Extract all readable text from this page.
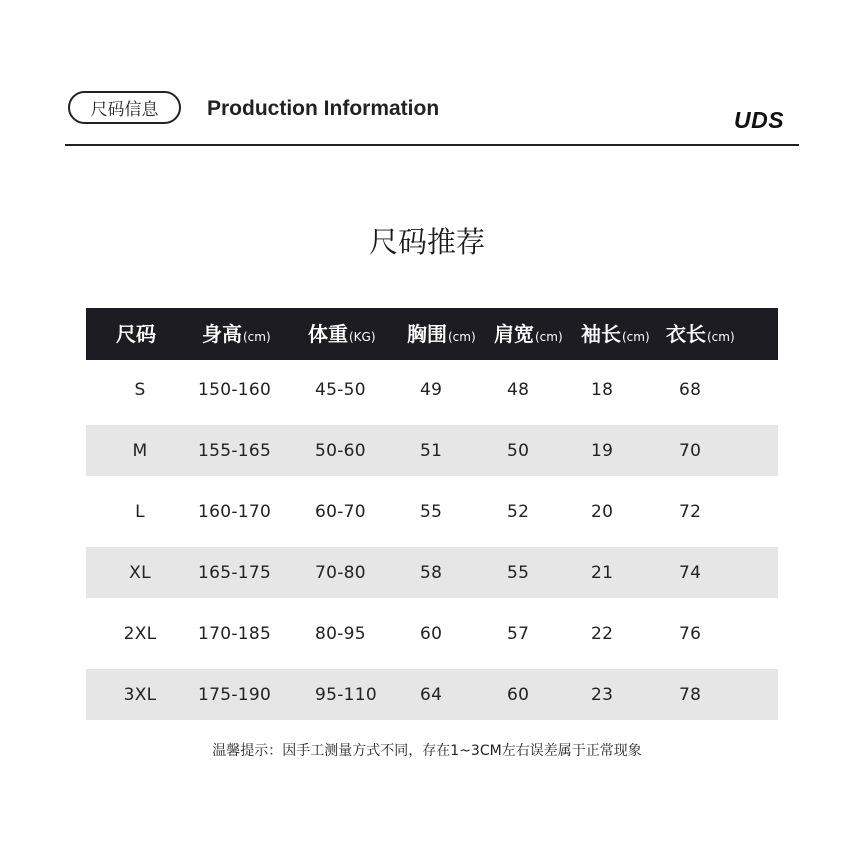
尺码信息	Production Information	UDS
尺码推荐
尺码 身高(cm) 体重(KG) 胸围(cm) 肩宽(cm) 袖长(cm) 衣长(cm)
S	150-160	45-50	49	48	18	68
M	155-165	50-60	51	50	19	70
L	160-170	60-70	55	52	20	72
XL	165-175	70-80	58	55	21	74
2XL	170-185	80-95	60	57	22	76
3XL	175-190	95-110	64	60	23	78
温馨提示：因手工测量方式不同，存在1~3CM左右误差属于正常现象
